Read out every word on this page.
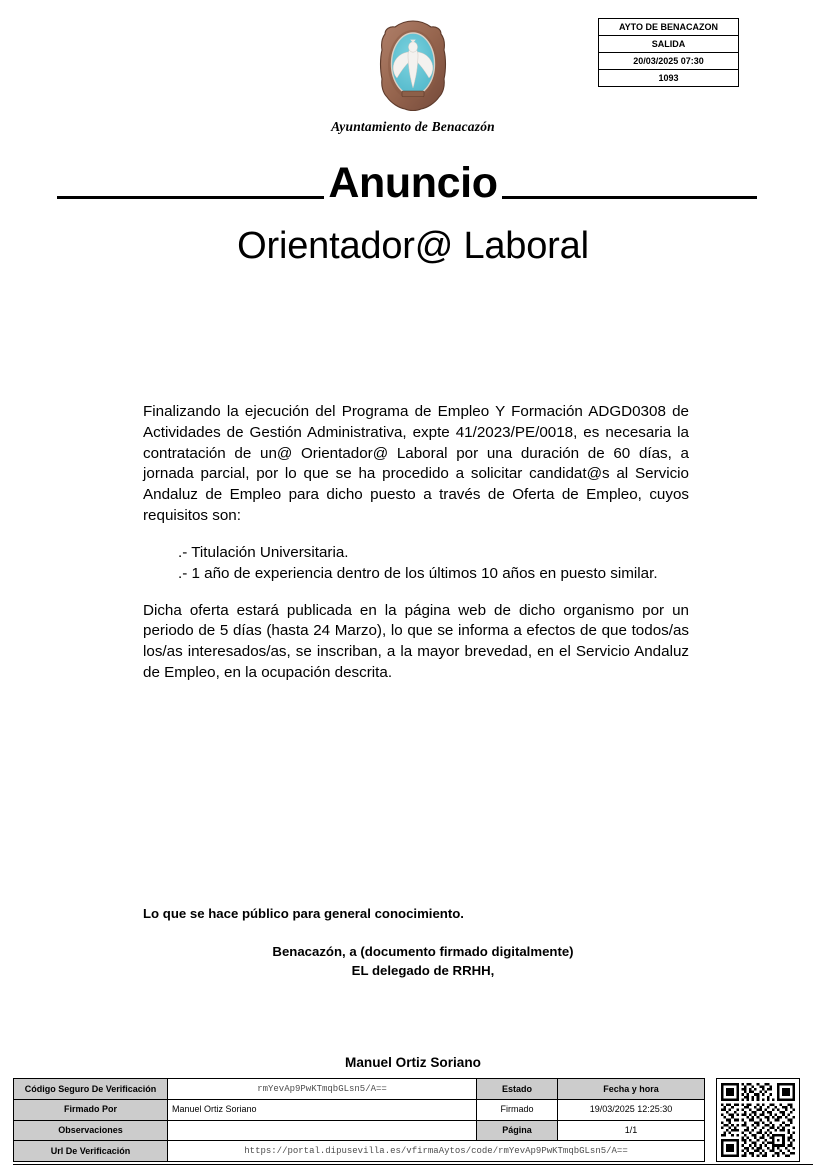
Ayuntamiento de Benacazón
AYTO DE BENACAZON
SALIDA
20/03/2025 07:30
1093
Anuncio
Orientador@ Laboral

Finalizando la ejecución del Programa de Empleo Y Formación ADGD0308 de Actividades de Gestión Administrativa, expte 41/2023/PE/0018, es necesaria la contratación de un@ Orientador@ Laboral por una duración de 60 días, a jornada parcial, por lo que se ha procedido a solicitar candidat@s al Servicio Andaluz de Empleo para dicho puesto a través de Oferta de Empleo, cuyos requisitos son:

.- Titulación Universitaria.
.- 1 año de experiencia dentro de los últimos 10 años en puesto similar.

Dicha oferta estará publicada en la página web de dicho organismo por un periodo de 5 días (hasta 24 Marzo), lo que se informa a efectos de que todos/as los/as interesados/as, se inscriban, a la mayor brevedad, en el Servicio Andaluz de Empleo, en la ocupación descrita.

Lo que se hace público para general conocimiento.
Benacazón, a (documento firmado digitalmente)
EL delegado de RRHH,
Manuel Ortiz Soriano
Código Seguro De Verificación	rmYevAp9PwKTmqbGLsn5/A==	Estado	Fecha y hora
Firmado Por	Manuel Ortiz Soriano	Firmado	19/03/2025 12:25:30
Observaciones		Página	1/1
Url De Verificación	https://portal.dipusevilla.es/vfirmaAytos/code/rmYevAp9PwKTmqbGLsn5/A==		
